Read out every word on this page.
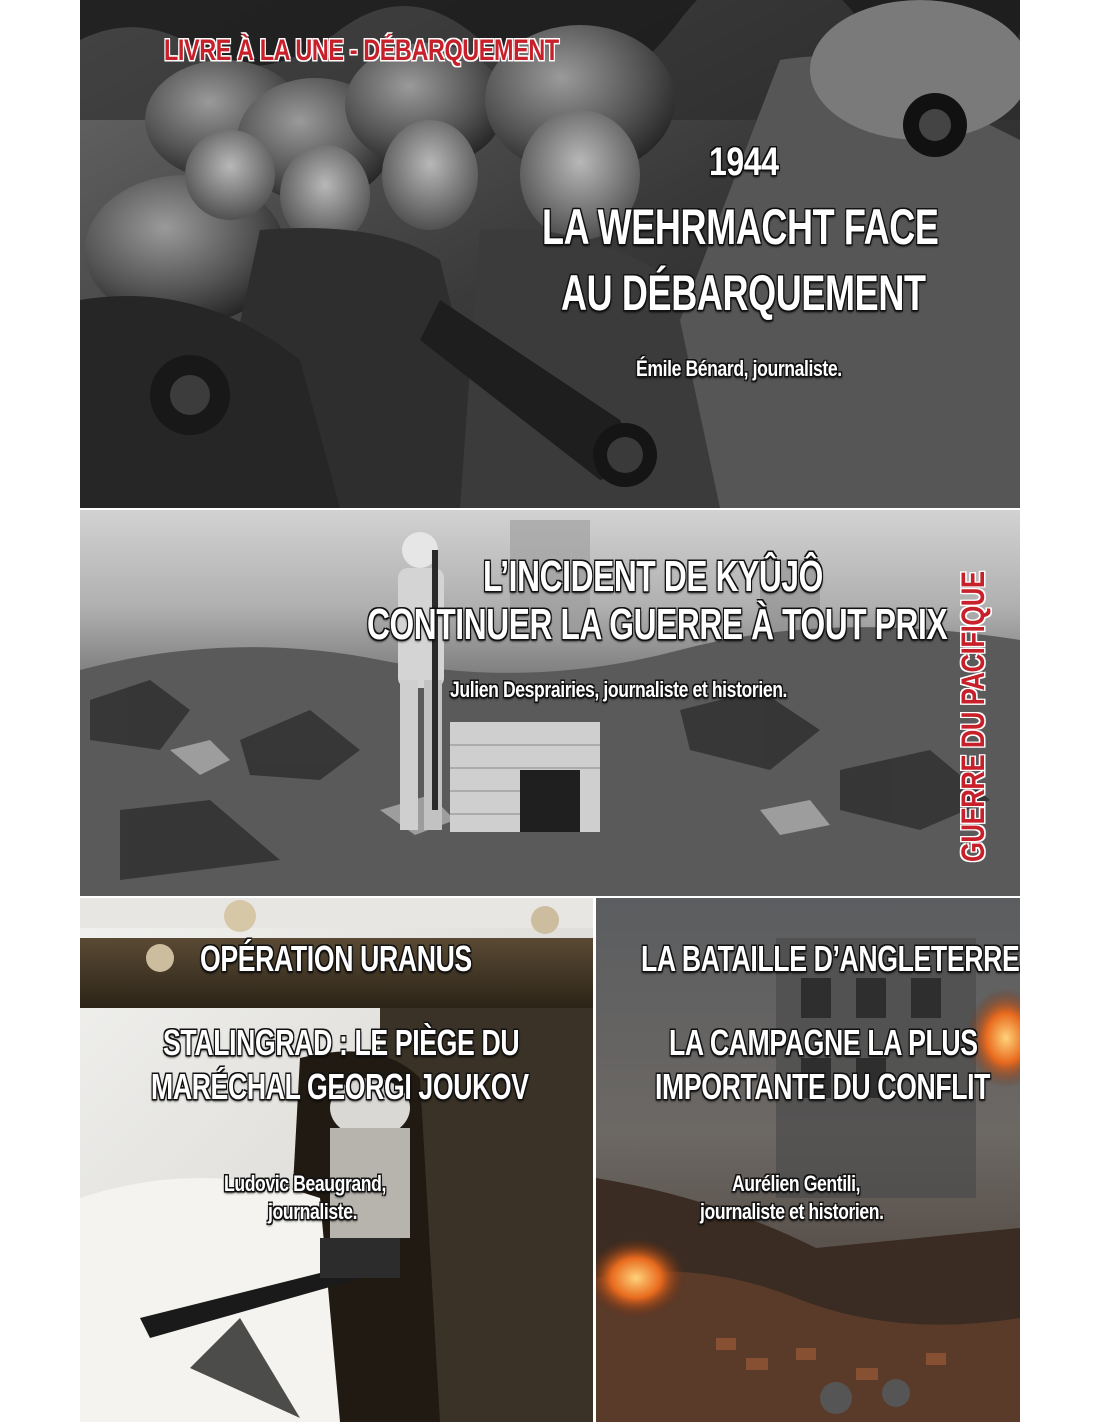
LIVRE À LA UNE - DÉBARQUEMENT
1944
LA WEHRMACHT FACE
AU DÉBARQUEMENT
Émile Bénard, journaliste.
L’INCIDENT DE KYÛJÔ
CONTINUER LA GUERRE À TOUT PRIX
Julien Desprairies, journaliste et historien.	GUERRE DU PACIFIQUE
OPÉRATION URANUS
STALINGRAD : LE PIÈGE DU
MARÉCHAL GEORGI JOUKOV
Ludovic Beaugrand,
journaliste.
LA BATAILLE D’ANGLETERRE
LA CAMPAGNE LA PLUS
IMPORTANTE DU CONFLIT
Aurélien Gentili,
journaliste et historien.
